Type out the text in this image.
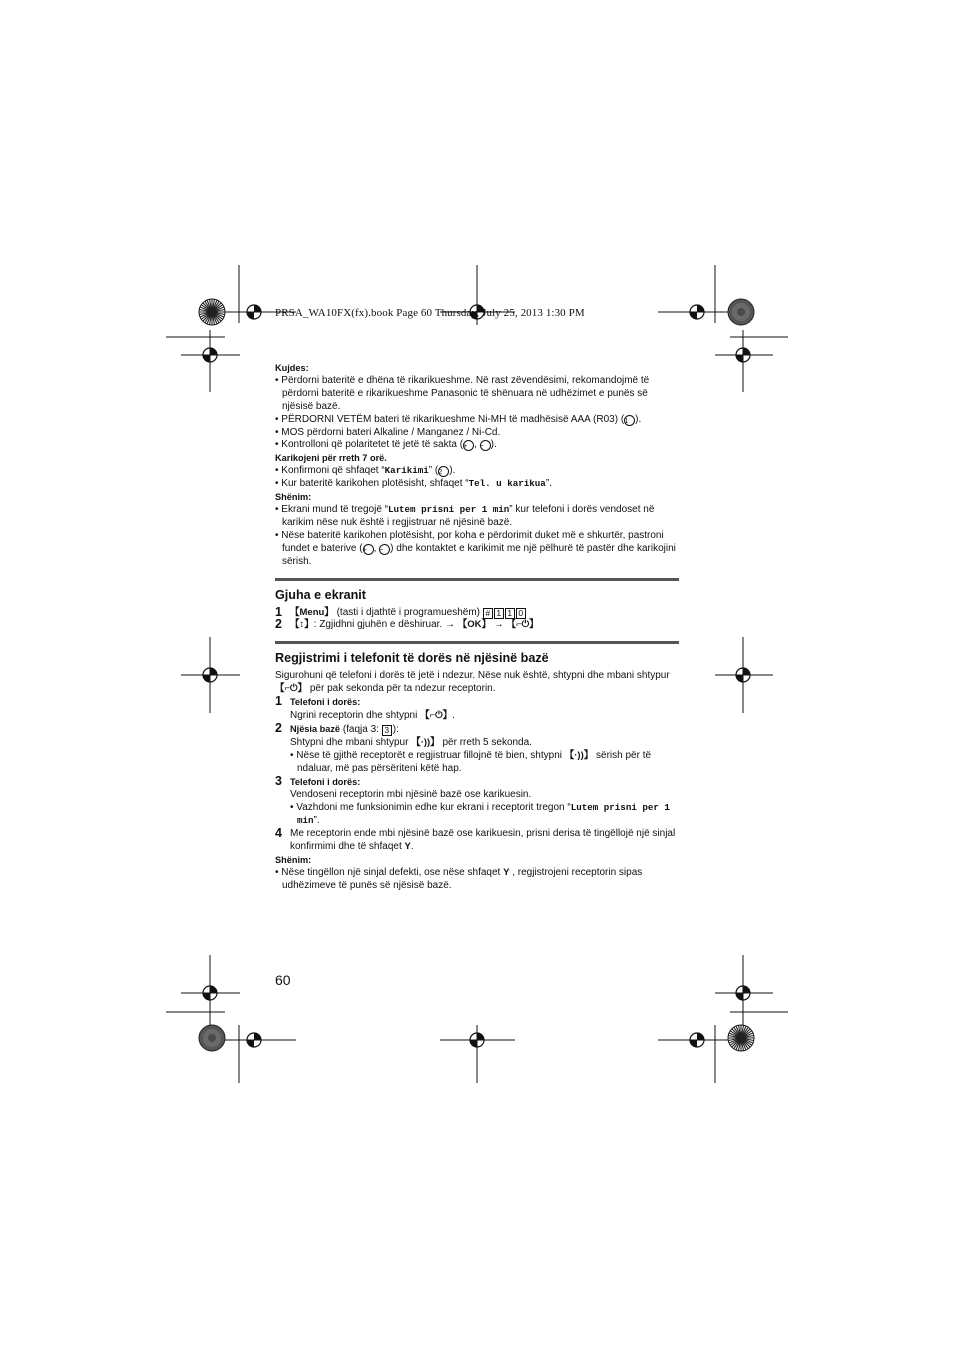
PRSA_WA10FX(fx).book Page 60 Thursday, July 25, 2013 1:30 PM

Kujdes:

• Përdorni bateritë e dhëna të rikarikueshme. Në rast zëvendësimi, rekomandojmë të përdorni bateritë e rikarikueshme Panasonic të shënuara në udhëzimet e punës së njësisë bazë.

• PËRDORNI VETËM bateri të rikarikueshme Ni-MH të madhësisë AAA (R03) (1 ).

• MOS përdorni bateri Alkaline / Manganez / Ni-Cd.

• Kontrolloni që polaritetet të jetë të sakta (+ , − ).

Karikojeni për rreth 7 orë.

• Konfirmoni që shfaqet “Karikimi” (2 ).

• Kur bateritë karikohen plotësisht, shfaqet “Tel. u karikua”.

Shënim:

• Ekrani mund të tregojë “Lutem prisni per 1 min” kur telefoni i dorës vendoset në karikim nëse nuk është i regjistruar në njësinë bazë.

• Nëse bateritë karikohen plotësisht, por koha e përdorimit duket më e shkurtër, pastroni fundet e baterive (+ , − ) dhe kontaktet e karikimit me një pëlhurë të pastër dhe karikojini sërish.

Gjuha e ekranit

1 【Menu】 (tasti i djathtë i programueshëm) # 1 1 0

2 【↕】: Zgjidhni gjuhën e dëshiruar. → 【OK】 → 【⌐⏻】

Regjistrimi i telefonit të dorës në njësinë bazë

Sigurohuni që telefoni i dorës të jetë i ndezur. Nëse nuk është, shtypni dhe mbani shtypur 【⌐⏻】 për pak sekonda për ta ndezur receptorin.

1 Telefoni i dorës:

Ngrini receptorin dhe shtypni 【⌐⏻】.

2 Njësia bazë (faqja 3: 3 ):

Shtypni dhe mbani shtypur 【·))】 për rreth 5 sekonda.

• Nëse të gjithë receptorët e regjistruar fillojnë të bien, shtypni 【·))】 sërish për të ndaluar, më pas përsëriteni këtë hap.

3 Telefoni i dorës:

Vendoseni receptorin mbi njësinë bazë ose karikuesin.

• Vazhdoni me funksionimin edhe kur ekrani i receptorit tregon “Lutem prisni per 1 min”.

4 Me receptorin ende mbi njësinë bazë ose karikuesin, prisni derisa të tingëllojë një sinjal konfirmimi dhe të shfaqet Y.

Shënim:

• Nëse tingëllon një sinjal defekti, ose nëse shfaqet Y , regjistrojeni receptorin sipas udhëzimeve të punës së njësisë bazë.

60
